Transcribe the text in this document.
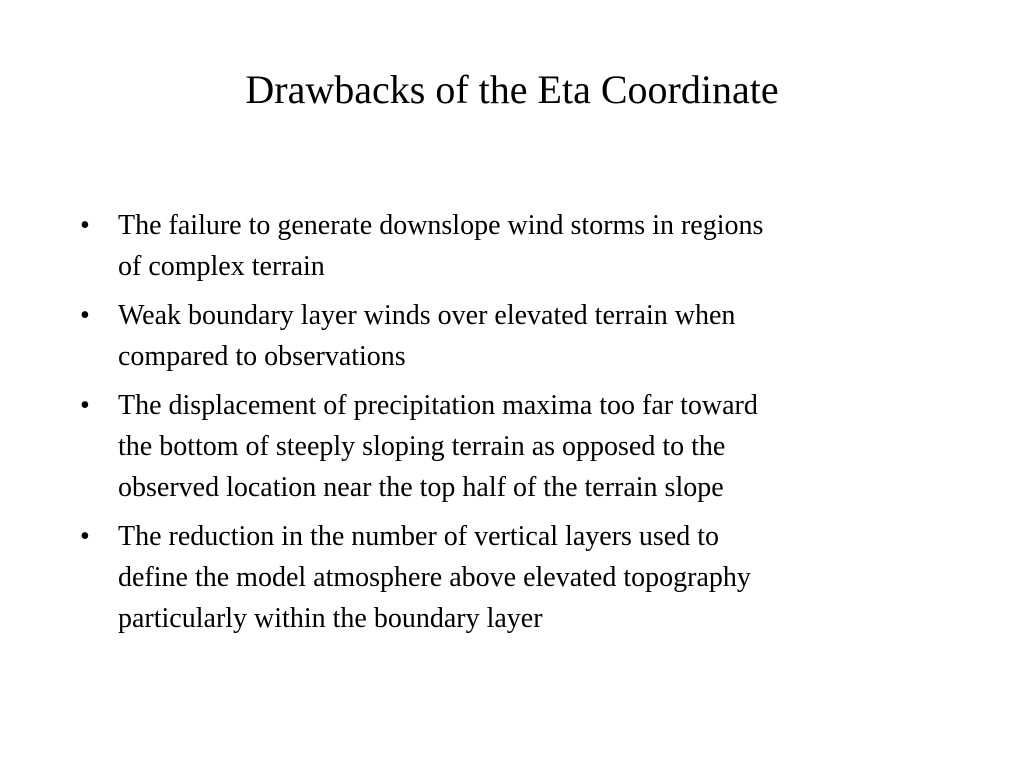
Drawbacks of the Eta Coordinate
•	The failure to generate downslope wind storms in regions
of complex terrain
•	Weak boundary layer winds over elevated terrain when
compared to observations
•	The displacement of precipitation maxima too far toward
the bottom of steeply sloping terrain as opposed to the
observed location near the top half of the terrain slope
•	The reduction in the number of vertical layers used to
define the model atmosphere above elevated topography
particularly within the boundary layer
